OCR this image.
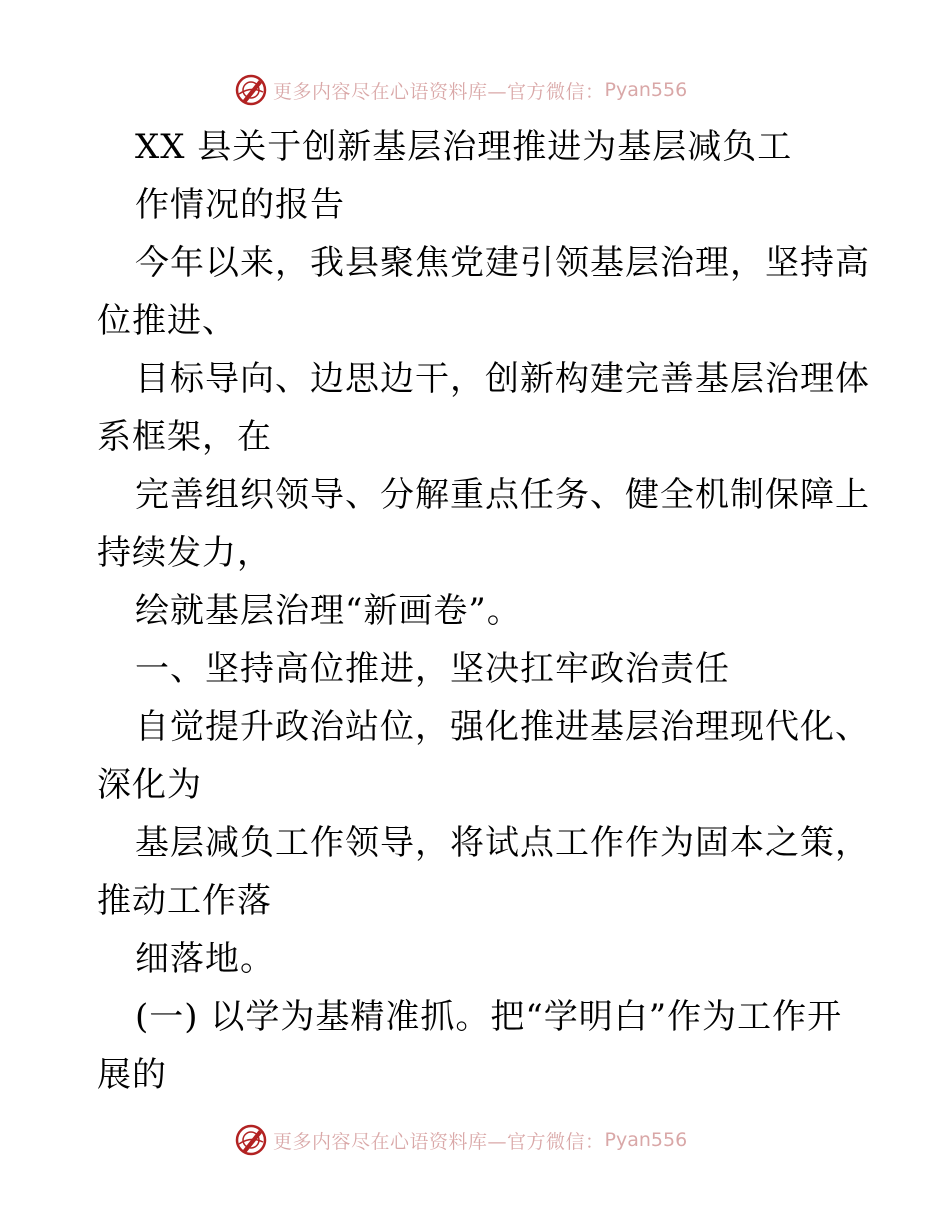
更多内容尽在心语资料库—官方微信： Pyan556
XX 县关于创新基层治理推进为基层减负工
作情况的报告
今年以来，我县聚焦党建引领基层治理，坚持高
位推进、
目标导向、边思边干，创新构建完善基层治理体
系框架，在
完善组织领导、分解重点任务、健全机制保障上
持续发力，
绘就基层治理“新画卷”。
一、坚持高位推进，坚决扛牢政治责任
自觉提升政治站位，强化推进基层治理现代化、
深化为
基层减负工作领导，将试点工作作为固本之策，
推动工作落
细落地。
(一) 以学为基精准抓。把“学明白”作为工作开
展的
更多内容尽在心语资料库—官方微信： Pyan556
